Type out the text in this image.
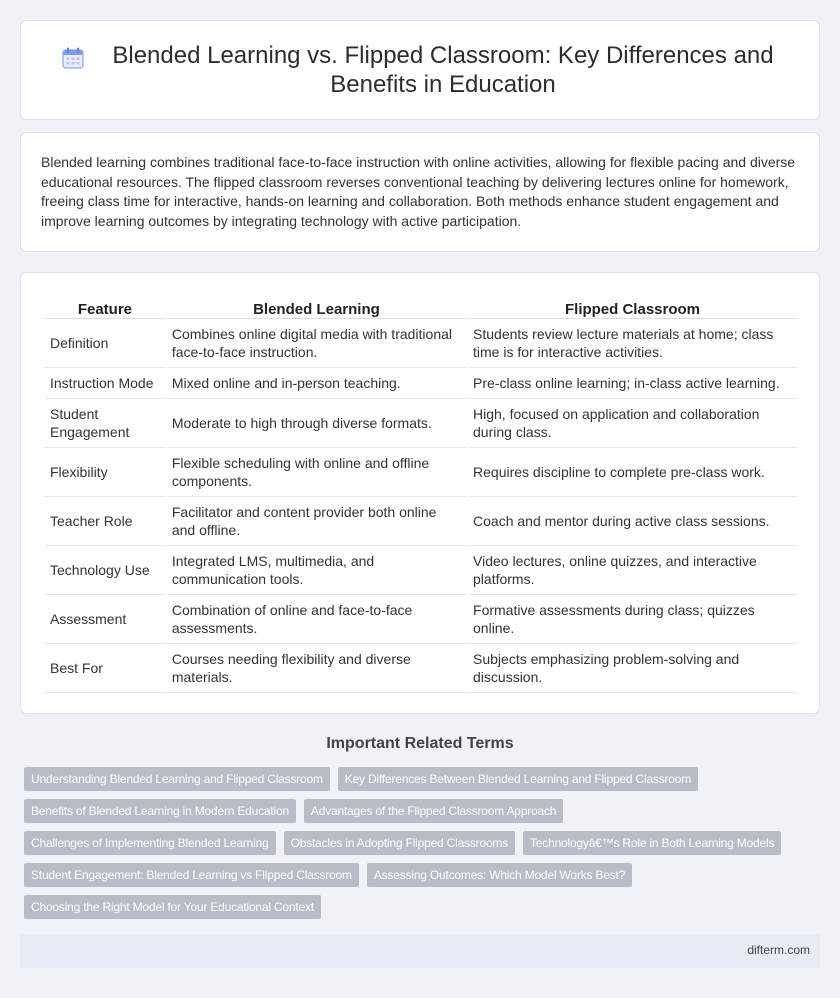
Blended Learning vs. Flipped Classroom: Key Differences and Benefits in Education

Blended learning combines traditional face-to-face instruction with online activities, allowing for flexible pacing and diverse educational resources. The flipped classroom reverses conventional teaching by delivering lectures online for homework, freeing class time for interactive, hands-on learning and collaboration. Both methods enhance student engagement and improve learning outcomes by integrating technology with active participation.

Feature	Blended Learning	Flipped Classroom
Definition	Combines online digital media with traditional face-to-face instruction.	Students review lecture materials at home; class time is for interactive activities.
Instruction Mode	Mixed online and in-person teaching.	Pre-class online learning; in-class active learning.
Student Engagement	Moderate to high through diverse formats.	High, focused on application and collaboration during class.
Flexibility	Flexible scheduling with online and offline components.	Requires discipline to complete pre-class work.
Teacher Role	Facilitator and content provider both online and offline.	Coach and mentor during active class sessions.
Technology Use	Integrated LMS, multimedia, and communication tools.	Video lectures, online quizzes, and interactive platforms.
Assessment	Combination of online and face-to-face assessments.	Formative assessments during class; quizzes online.
Best For	Courses needing flexibility and diverse materials.	Subjects emphasizing problem-solving and discussion.
Important Related Terms
Understanding Blended Learning and Flipped Classroom	Key Differences Between Blended Learning and Flipped Classroom
Benefits of Blended Learning in Modern Education	Advantages of the Flipped Classroom Approach
Challenges of Implementing Blended Learning	Obstacles in Adopting Flipped Classrooms	Technologyâ€™s Role in Both Learning Models
Student Engagement: Blended Learning vs Flipped Classroom	Assessing Outcomes: Which Model Works Best?
Choosing the Right Model for Your Educational Context
difterm.com
